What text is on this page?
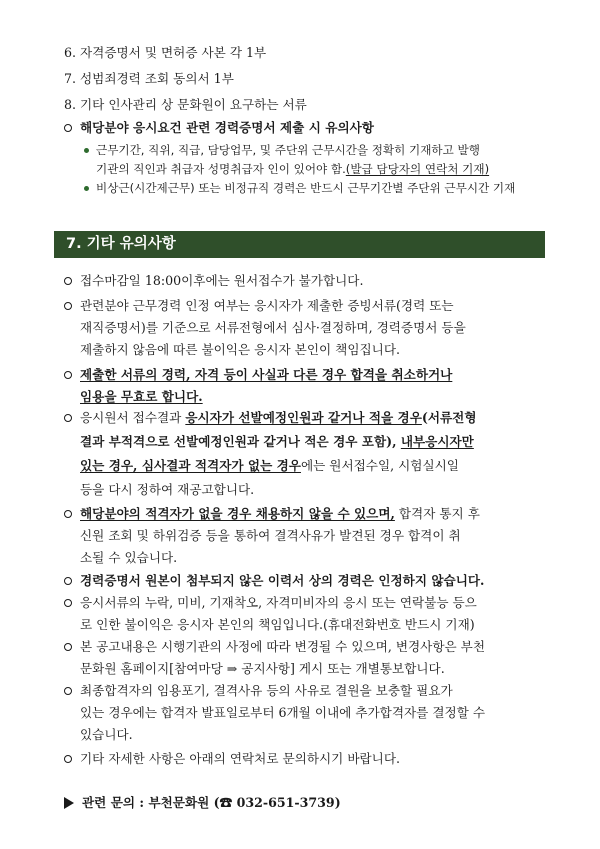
6. 자격증명서 및 면허증 사본 각 1부
7. 성범죄경력 조회 동의서 1부
8. 기타 인사관리 상 문화원이 요구하는 서류
해당분야 응시요건 관련 경력증명서 제출 시 유의사항
근무기간, 직위, 직급, 담당업무, 및 주단위 근무시간을 정확히 기재하고 발행
기관의 직인과 취급자 성명취급자 인이 있어야 함.(발급 담당자의 연락처 기재)
비상근(시간제근무) 또는 비정규직 경력은 반드시 근무기간별 주단위 근무시간 기재
7. 기타 유의사항
접수마감일 18:00이후에는 원서접수가 불가합니다.
관련분야 근무경력 인정 여부는 응시자가 제출한 증빙서류(경력 또는
재직증명서)를 기준으로 서류전형에서 심사·결정하며, 경력증명서 등을
제출하지 않음에 따른 불이익은 응시자 본인이 책임집니다.
제출한 서류의 경력, 자격 등이 사실과 다른 경우 합격을 취소하거나
임용을 무효로 합니다.
응시원서 접수결과 응시자가 선발예정인원과 같거나 적을 경우(서류전형
결과 부적격으로 선발예정인원과 같거나 적은 경우 포함), 내부응시자만
있는 경우, 심사결과 적격자가 없는 경우에는 원서접수일, 시험실시일
등을 다시 정하여 재공고합니다.
해당분야의 적격자가 없을 경우 채용하지 않을 수 있으며, 합격자 통지 후
신원 조회 및 하위검증 등을 통하여 결격사유가 발견된 경우 합격이 취
소될 수 있습니다.
경력증명서 원본이 첨부되지 않은 이력서 상의 경력은 인정하지 않습니다.
응시서류의 누락, 미비, 기재착오, 자격미비자의 응시 또는 연락불능 등으
로 인한 불이익은 응시자 본인의 책임입니다.(휴대전화번호 반드시 기재)
본 공고내용은 시행기관의 사정에 따라 변경될 수 있으며, 변경사항은 부천
문화원 홈페이지[참여마당 ⇒ 공지사항] 게시 또는 개별통보합니다.
최종합격자의 임용포기, 결격사유 등의 사유로 결원을 보충할 필요가
있는 경우에는 합격자 발표일로부터 6개월 이내에 추가합격자를 결정할 수
있습니다.
기타 자세한 사항은 아래의 연락처로 문의하시기 바랍니다.
관련 문의 : 부천문화원 (☎ 032-651-3739)
